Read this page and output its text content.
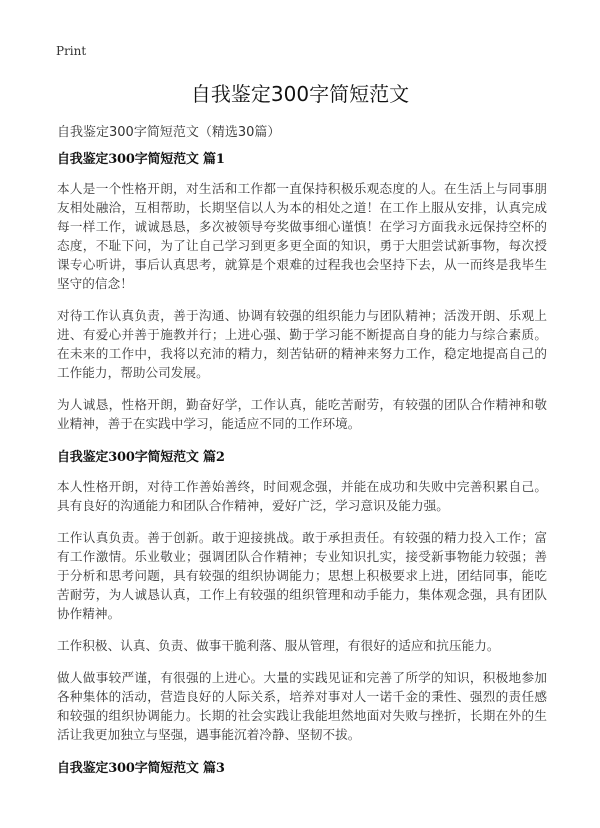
Print
自我鉴定300字简短范文

自我鉴定300字简短范文（精选30篇）

自我鉴定300字简短范文 篇1

本人是一个性格开朗，对生活和工作都一直保持积极乐观态度的人。在生活上与同事朋友相处融洽，互相帮助，长期坚信以人为本的相处之道！在工作上服从安排，认真完成每一样工作，诚诚恳恳，多次被领导夸奖做事细心谨慎！在学习方面我永远保持空杯的态度，不耻下问，为了让自己学习到更多更全面的知识，勇于大胆尝试新事物，每次授课专心听讲，事后认真思考，就算是个艰难的过程我也会坚持下去，从一而终是我毕生坚守的信念！

对待工作认真负责，善于沟通、协调有较强的组织能力与团队精神；活泼开朗、乐观上进、有爱心并善于施教并行；上进心强、勤于学习能不断提高自身的能力与综合素质。在未来的工作中，我将以充沛的精力，刻苦钻研的精神来努力工作，稳定地提高自己的工作能力，帮助公司发展。

为人诚恳，性格开朗，勤奋好学，工作认真，能吃苦耐劳，有较强的团队合作精神和敬业精神，善于在实践中学习，能适应不同的工作环境。

自我鉴定300字简短范文 篇2

本人性格开朗，对待工作善始善终，时间观念强，并能在成功和失败中完善积累自己。具有良好的沟通能力和团队合作精神，爱好广泛，学习意识及能力强。

工作认真负责。善于创新。敢于迎接挑战。敢于承担责任。有较强的精力投入工作；富有工作激情。乐业敬业；强调团队合作精神；专业知识扎实，接受新事物能力较强；善于分析和思考问题，具有较强的组织协调能力；思想上积极要求上进，团结同事，能吃苦耐劳，为人诚恳认真，工作上有较强的组织管理和动手能力，集体观念强，具有团队协作精神。

工作积极、认真、负责、做事干脆利落、服从管理，有很好的适应和抗压能力。

做人做事较严谨，有很强的上进心。大量的实践见证和完善了所学的知识，积极地参加各种集体的活动，营造良好的人际关系，培养对事对人一诺千金的秉性、强烈的责任感和较强的组织协调能力。长期的社会实践让我能坦然地面对失败与挫折，长期在外的生活让我更加独立与坚强，遇事能沉着冷静、坚韧不拔。

自我鉴定300字简短范文 篇3
